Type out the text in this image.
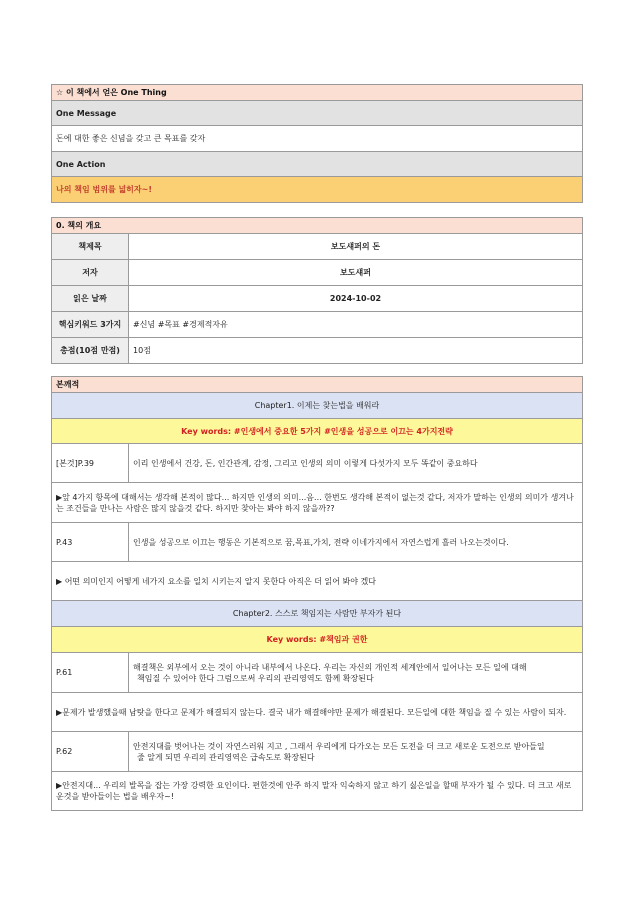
☆ 이 책에서 얻은 One Thing
One Message
돈에 대한 좋은 신념을 갖고 큰 목표를 갖자
One Action
나의 책임 범위를 넓히자~!
0. 책의 개요	
책제목	보도섀퍼의 돈
저자	보도섀퍼
읽은 날짜	2024-10-02
핵심키워드 3가지	#신념 #목표 #경제적자유
총점(10점 만점)	10점
본깨적	
Chapter1. 이제는 찾는법을 배워라	
Key words: #인생에서 중요한 5가지 #인생을 성공으로 이끄는 4가지전략	
[본것]P.39	이리 인생에서 건강, 돈, 인간관계, 감정, 그리고 인생의 의미 이렇게 다섯가지 모두 똑같이 중요하다
▶앞 4가지 항목에 대해서는 생각해 본적이 많다... 하지만 인생의 의미...음... 한번도 생각해 본적이 없는것 같다, 저자가 말하는 인생의 의미가 생겨나는 조건들을 만나는 사람은 많지 않을것 같다. 하지만 찾아는 봐야 하지 않을까??	
P.43	인생을 성공으로 이끄는 행동은 기본적으로 꿈,목표,가치, 전략 이네가지에서 자연스럽게 흘러 나오는것이다.
▶ 어떤 의미인지 어떻게 네가지 요소를 일치 시키는지 알지 못한다 아직은 더 읽어 봐야 겠다	
Chapter2. 스스로 책임지는 사람만 부자가 된다	
Key words: #책임과 권한	
P.61	해결책은 외부에서 오는 것이 아니라 내부에서 나온다. 우리는 자신의 개인적 세계안에서 일어나는 모든 일에 대해
책임질 수 있어야 한다 그럼으로써 우리의 관리영역도 함께 확장된다

▶문제가 발생했을때 남탓을 한다고 문제가 해결되지 않는다. 결국 내가 해결해야만 문제가 해결된다. 모든일에 대한 책임을 질 수 있는 사람이 되자.	
P.62	안전지대를 벗어나는 것이 자연스러워 지고 , 그래서 우리에게 다가오는 모든 도전을 더 크고 새로운 도전으로 받아들일
줄 알게 되면 우리의 관리영역은 급속도로 확장된다

▶안전지대... 우리의 발목을 잡는 가장 강력한 요인이다. 편한것에 안주 하지 말자 익숙하지 않고 하기 싫은일을 할때 부자가 될 수 있다. 더 크고 새로운것을 받아들이는 법을 배우자~!	
